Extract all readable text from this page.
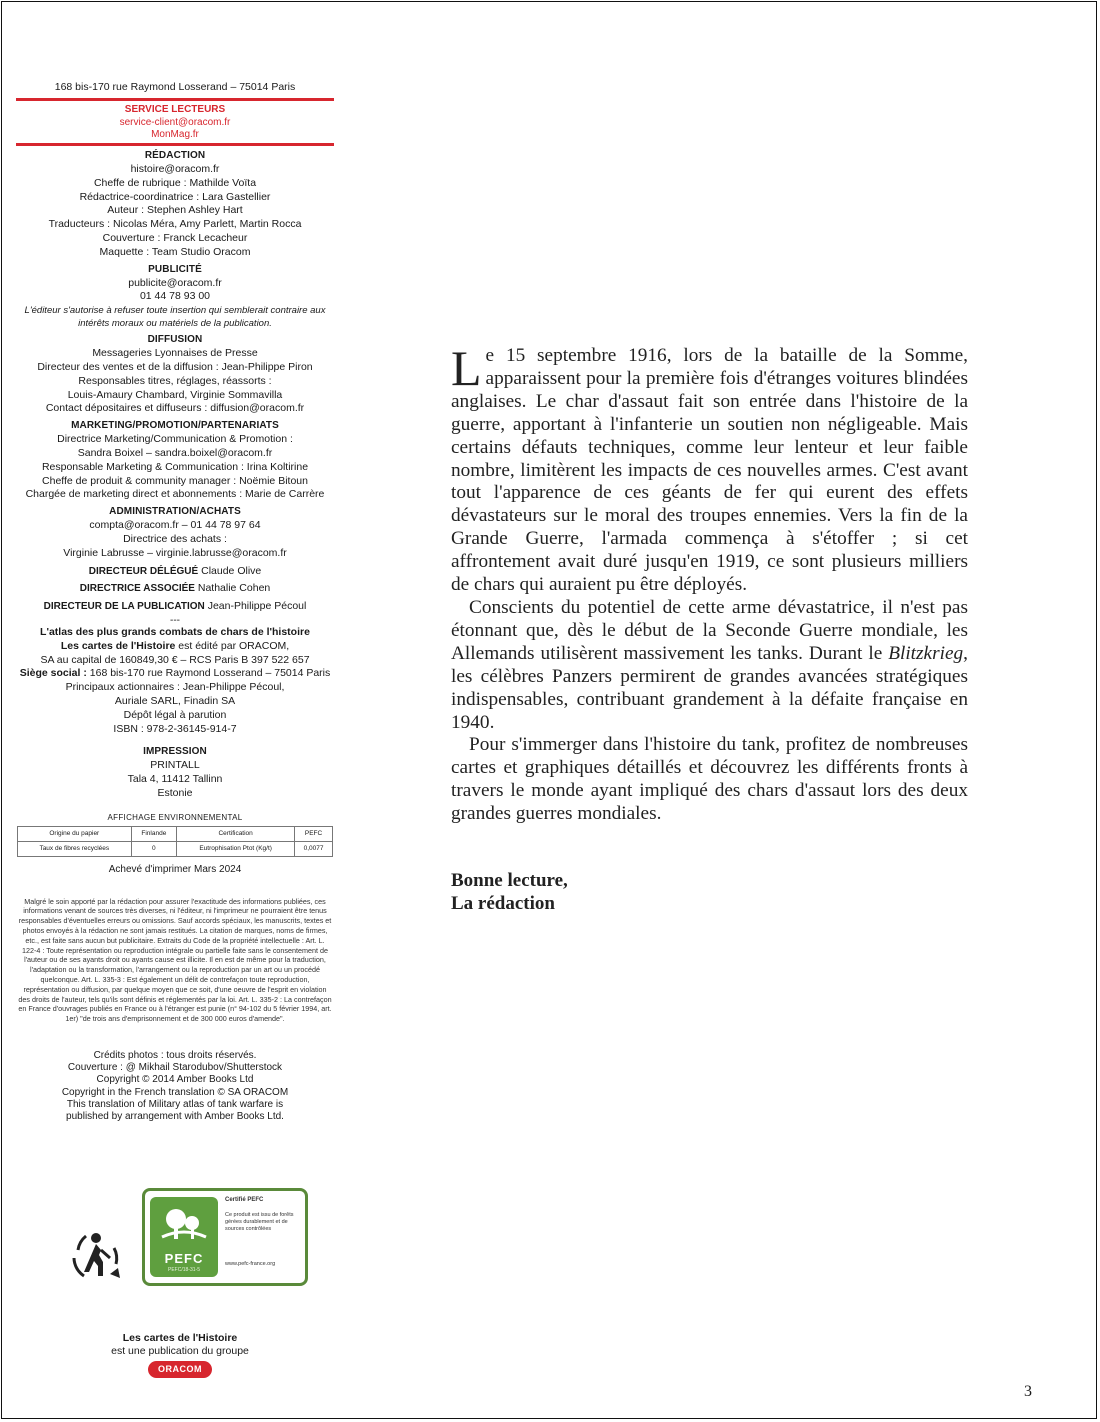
168 bis-170 rue Raymond Losserand – 75014 Paris
SERVICE LECTEURS
service-client@oracom.fr
MonMag.fr
RÉDACTION
histoire@oracom.fr
Cheffe de rubrique : Mathilde Voïta
Rédactrice-coordinatrice : Lara Gastellier
Auteur : Stephen Ashley Hart
Traducteurs : Nicolas Méra, Amy Parlett, Martin Rocca
Couverture : Franck Lecacheur
Maquette : Team Studio Oracom
PUBLICITÉ
publicite@oracom.fr
01 44 78 93 00
L'éditeur s'autorise à refuser toute insertion qui semblerait contraire aux intérêts moraux ou matériels de la publication.
DIFFUSION
Messageries Lyonnaises de Presse
Directeur des ventes et de la diffusion : Jean-Philippe Piron
Responsables titres, réglages, réassorts :
Louis-Amaury Chambard, Virginie Sommavilla
Contact dépositaires et diffuseurs : diffusion@oracom.fr
MARKETING/PROMOTION/PARTENARIATS
Directrice Marketing/Communication & Promotion :
Sandra Boixel – sandra.boixel@oracom.fr
Responsable Marketing & Communication : Irina Koltirine
Cheffe de produit & community manager : Noëmie Bitoun
Chargée de marketing direct et abonnements : Marie de Carrère
ADMINISTRATION/ACHATS
compta@oracom.fr – 01 44 78 97 64
Directrice des achats :
Virginie Labrusse – virginie.labrusse@oracom.fr
DIRECTEUR DÉLÉGUÉ Claude Olive
DIRECTRICE ASSOCIÉE Nathalie Cohen
DIRECTEUR DE LA PUBLICATION Jean-Philippe Pécoul
---
L'atlas des plus grands combats de chars de l'histoire
Les cartes de l'Histoire est édité par ORACOM,
SA au capital de 160849,30 € – RCS Paris B 397 522 657
Siège social : 168 bis-170 rue Raymond Losserand – 75014 Paris
Principaux actionnaires : Jean-Philippe Pécoul,
Auriale SARL, Finadin SA
Dépôt légal à parution
ISBN : 978-2-36145-914-7
IMPRESSION
PRINTALL
Tala 4, 11412 Tallinn
Estonie
AFFICHAGE ENVIRONNEMENTAL
Origine du papier	Finlande	Certification	PEFC
Taux de fibres recyclées	0	Eutrophisation Ptot (Kg/t)	0,0077
Achevé d'imprimer Mars 2024
Malgré le soin apporté par la rédaction pour assurer l'exactitude des informations publiées, ces informations venant de sources très diverses, ni l'éditeur, ni l'imprimeur ne pourraient être tenus responsables d'éventuelles erreurs ou omissions. Sauf accords spéciaux, les manuscrits, textes et photos envoyés à la rédaction ne sont jamais restitués. La citation de marques, noms de firmes, etc., est faite sans aucun but publicitaire. Extraits du Code de la propriété intellectuelle : Art. L. 122-4 : Toute représentation ou reproduction intégrale ou partielle faite sans le consentement de l'auteur ou de ses ayants droit ou ayants cause est illicite. Il en est de même pour la traduction, l'adaptation ou la transformation, l'arrangement ou la reproduction par un art ou un procédé quelconque. Art. L. 335-3 : Est également un délit de contrefaçon toute reproduction, représentation ou diffusion, par quelque moyen que ce soit, d'une oeuvre de l'esprit en violation des droits de l'auteur, tels qu'ils sont définis et réglementés par la loi. Art. L. 335-2 : La contrefaçon en France d'ouvrages publiés en France ou à l'étranger est punie (n° 94-102 du 5 février 1994, art. 1er) "de trois ans d'emprisonnement et de 300 000 euros d'amende".
Crédits photos : tous droits réservés.
Couverture : @ Mikhail Starodubov/Shutterstock
Copyright © 2014 Amber Books Ltd
Copyright in the French translation © SA ORACOM
This translation of Military atlas of tank warfare is
published by arrangement with Amber Books Ltd.
PEFC
PEFC/18-31-5
Certifié PEFC
Ce produit est issu de forêts gérées durablement et de sources contrôlées
www.pefc-france.org
Les cartes de l'Histoire
est une publication du groupe
ORACOM

Le 15 septembre 1916, lors de la bataille de la Somme, apparaissent pour la première fois d'étranges voitures blindées anglaises. Le char d'assaut fait son entrée dans l'histoire de la guerre, apportant à l'infanterie un soutien non négligeable. Mais certains défauts techniques, comme leur lenteur et leur faible nombre, limitèrent les impacts de ces nouvelles armes. C'est avant tout l'apparence de ces géants de fer qui eurent des effets dévastateurs sur le moral des troupes ennemies. Vers la fin de la Grande Guerre, l'armada commença à s'étoffer ; si cet affrontement avait duré jusqu'en 1919, ce sont plusieurs milliers de chars qui auraient pu être déployés.

Conscients du potentiel de cette arme dévastatrice, il n'est pas étonnant que, dès le début de la Seconde Guerre mondiale, les Allemands utilisèrent massivement les tanks. Durant le Blitzkrieg, les célèbres Panzers permirent de grandes avancées stratégiques indispensables, contribuant grandement à la défaite française en 1940.

Pour s'immerger dans l'histoire du tank, profitez de nombreuses cartes et graphiques détaillés et découvrez les différents fronts à travers le monde ayant impliqué des chars d'assaut lors des deux grandes guerres mondiales.

Bonne lecture,
La rédaction
3
